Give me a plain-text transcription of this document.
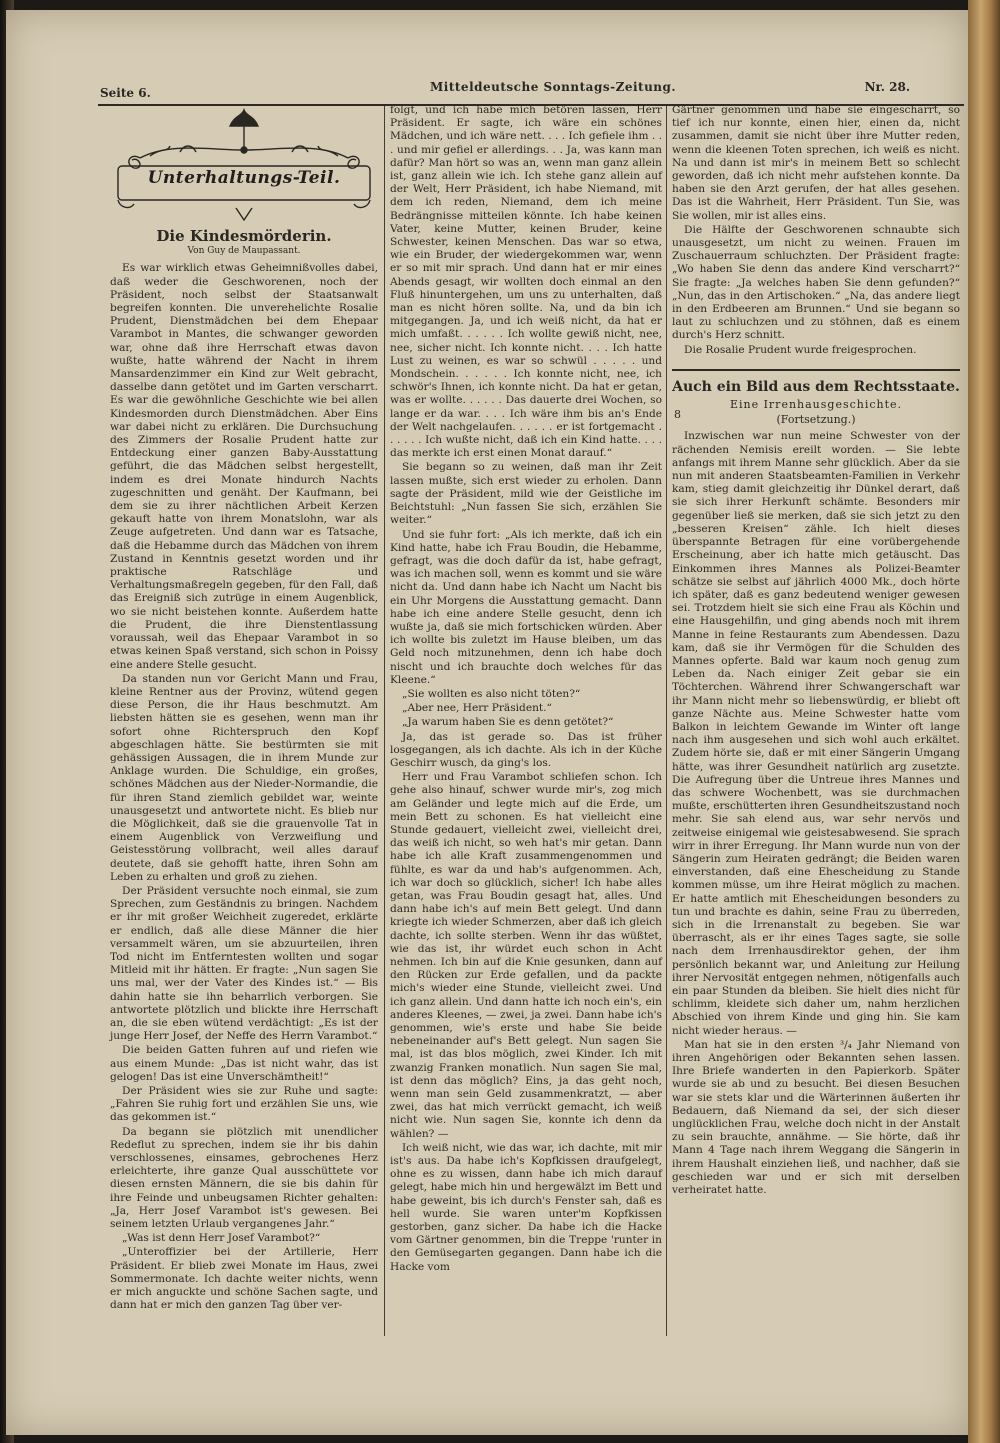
Seite 6.	Mitteldeutsche Sonntags-Zeitung.	Nr. 28.
Unterhaltungs-Teil.
Die Kindesmörderin.
Von Guy de Maupassant.

Es war wirklich etwas Geheimnißvolles dabei, daß weder die Geschworenen, noch der Präsident, noch selbst der Staatsanwalt begreifen konnten. Die unverehelichte Rosalie Prudent, Dienstmädchen bei dem Ehepaar Varambot in Mantes, die schwanger geworden war, ohne daß ihre Herrschaft etwas davon wußte, hatte während der Nacht in ihrem Mansardenzimmer ein Kind zur Welt gebracht, dasselbe dann getötet und im Garten verscharrt. Es war die gewöhnliche Geschichte wie bei allen Kindesmorden durch Dienstmädchen. Aber Eins war dabei nicht zu erklären. Die Durchsuchung des Zimmers der Rosalie Prudent hatte zur Entdeckung einer ganzen Baby-Ausstattung geführt, die das Mädchen selbst hergestellt, indem es drei Monate hindurch Nachts zugeschnitten und genäht. Der Kaufmann, bei dem sie zu ihrer nächtlichen Arbeit Kerzen gekauft hatte von ihrem Monatslohn, war als Zeuge aufgetreten. Und dann war es Tatsache, daß die Hebamme durch das Mädchen von ihrem Zustand in Kenntnis gesetzt worden und ihr praktische Ratschläge und Verhaltungsmaßregeln gegeben, für den Fall, daß das Ereigniß sich zutrüge in einem Augenblick, wo sie nicht beistehen konnte. Außerdem hatte die Prudent, die ihre Dienstentlassung voraussah, weil das Ehepaar Varambot in so etwas keinen Spaß verstand, sich schon in Poissy eine andere Stelle gesucht.

Da standen nun vor Gericht Mann und Frau, kleine Rentner aus der Provinz, wütend gegen diese Person, die ihr Haus beschmutzt. Am liebsten hätten sie es gesehen, wenn man ihr sofort ohne Richterspruch den Kopf abgeschlagen hätte. Sie bestürmten sie mit gehässigen Aussagen, die in ihrem Munde zur Anklage wurden. Die Schuldige, ein großes, schönes Mädchen aus der Nieder-Normandie, die für ihren Stand ziemlich gebildet war, weinte unausgesetzt und antwortete nicht. Es blieb nur die Möglichkeit, daß sie die grauenvolle Tat in einem Augenblick von Verzweiflung und Geistesstörung vollbracht, weil alles darauf deutete, daß sie gehofft hatte, ihren Sohn am Leben zu erhalten und groß zu ziehen.

Der Präsident versuchte noch einmal, sie zum Sprechen, zum Geständnis zu bringen. Nachdem er ihr mit großer Weichheit zugeredet, erklärte er endlich, daß alle diese Männer die hier versammelt wären, um sie abzuurteilen, ihren Tod nicht im Entferntesten wollten und sogar Mitleid mit ihr hätten. Er fragte: „Nun sagen Sie uns mal, wer der Vater des Kindes ist.“ — Bis dahin hatte sie ihn beharrlich verborgen. Sie antwortete plötzlich und blickte ihre Herrschaft an, die sie eben wütend verdächtigt: „Es ist der junge Herr Josef, der Neffe des Herrn Varambot.“

Die beiden Gatten fuhren auf und riefen wie aus einem Munde: „Das ist nicht wahr, das ist gelogen! Das ist eine Unverschämtheit!“

Der Präsident wies sie zur Ruhe und sagte: „Fahren Sie ruhig fort und erzählen Sie uns, wie das gekommen ist.“

Da begann sie plötzlich mit unendlicher Redeflut zu sprechen, indem sie ihr bis dahin verschlossenes, einsames, gebrochenes Herz erleichterte, ihre ganze Qual ausschüttete vor diesen ernsten Männern, die sie bis dahin für ihre Feinde und unbeugsamen Richter gehalten: „Ja, Herr Josef Varambot ist's gewesen. Bei seinem letzten Urlaub vergangenes Jahr.“

„Was ist denn Herr Josef Varambot?“

„Unteroffizier bei der Artillerie, Herr Präsident. Er blieb zwei Monate im Haus, zwei Sommermonate. Ich dachte weiter nichts, wenn er mich anguckte und schöne Sachen sagte, und dann hat er mich den ganzen Tag über ver-

folgt, und ich habe mich betören lassen, Herr Präsident. Er sagte, ich wäre ein schönes Mädchen, und ich wäre nett. . . . Ich gefiele ihm . . . und mir gefiel er allerdings. . . Ja, was kann man dafür? Man hört so was an, wenn man ganz allein ist, ganz allein wie ich. Ich stehe ganz allein auf der Welt, Herr Präsident, ich habe Niemand, mit dem ich reden, Niemand, dem ich meine Bedrängnisse mitteilen könnte. Ich habe keinen Vater, keine Mutter, keinen Bruder, keine Schwester, keinen Menschen. Das war so etwa, wie ein Bruder, der wiedergekommen war, wenn er so mit mir sprach. Und dann hat er mir eines Abends gesagt, wir wollten doch einmal an den Fluß hinuntergehen, um uns zu unterhalten, daß man es nicht hören sollte. Na, und da bin ich mitgegangen. Ja, und ich weiß nicht, da hat er mich umfaßt. . . . . . Ich wollte gewiß nicht, nee, nee, sicher nicht. Ich konnte nicht. . . . Ich hatte Lust zu weinen, es war so schwül . . . . . und Mondschein. . . . . . Ich konnte nicht, nee, ich schwör's Ihnen, ich konnte nicht. Da hat er getan, was er wollte. . . . . . Das dauerte drei Wochen, so lange er da war. . . . Ich wäre ihm bis an's Ende der Welt nachgelaufen. . . . . . er ist fortgemacht . . . . . . Ich wußte nicht, daß ich ein Kind hatte. . . . das merkte ich erst einen Monat darauf.“

Sie begann so zu weinen, daß man ihr Zeit lassen mußte, sich erst wieder zu erholen. Dann sagte der Präsident, mild wie der Geistliche im Beichtstuhl: „Nun fassen Sie sich, erzählen Sie weiter.“

Und sie fuhr fort: „Als ich merkte, daß ich ein Kind hatte, habe ich Frau Boudin, die Hebamme, gefragt, was die doch dafür da ist, habe gefragt, was ich machen soll, wenn es kommt und sie wäre nicht da. Und dann habe ich Nacht um Nacht bis ein Uhr Morgens die Ausstattung gemacht. Dann habe ich eine andere Stelle gesucht, denn ich wußte ja, daß sie mich fortschicken würden. Aber ich wollte bis zuletzt im Hause bleiben, um das Geld noch mitzunehmen, denn ich habe doch nischt und ich brauchte doch welches für das Kleene.“

„Sie wollten es also nicht töten?“

„Aber nee, Herr Präsident.“

„Ja warum haben Sie es denn getötet?“

Ja, das ist gerade so. Das ist früher losgegangen, als ich dachte. Als ich in der Küche Geschirr wusch, da ging's los.

Herr und Frau Varambot schliefen schon. Ich gehe also hinauf, schwer wurde mir's, zog mich am Geländer und legte mich auf die Erde, um mein Bett zu schonen. Es hat vielleicht eine Stunde gedauert, vielleicht zwei, vielleicht drei, das weiß ich nicht, so weh hat's mir getan. Dann habe ich alle Kraft zusammengenommen und fühlte, es war da und hab's aufgenommen. Ach, ich war doch so glücklich, sicher! Ich habe alles getan, was Frau Boudin gesagt hat, alles. Und dann habe ich's auf mein Bett gelegt. Und dann kriegte ich wieder Schmerzen, aber daß ich gleich dachte, ich sollte sterben. Wenn ihr das wüßtet, wie das ist, ihr würdet euch schon in Acht nehmen. Ich bin auf die Knie gesunken, dann auf den Rücken zur Erde gefallen, und da packte mich's wieder eine Stunde, vielleicht zwei. Und ich ganz allein. Und dann hatte ich noch ein's, ein anderes Kleenes, — zwei, ja zwei. Dann habe ich's genommen, wie's erste und habe Sie beide nebeneinander auf's Bett gelegt. Nun sagen Sie mal, ist das blos möglich, zwei Kinder. Ich mit zwanzig Franken monatlich. Nun sagen Sie mal, ist denn das möglich? Eins, ja das geht noch, wenn man sein Geld zusammenkratzt, — aber zwei, das hat mich verrückt gemacht, ich weiß nicht wie. Nun sagen Sie, konnte ich denn da wählen? —

Ich weiß nicht, wie das war, ich dachte, mit mir ist's aus. Da habe ich's Kopfkissen draufgelegt, ohne es zu wissen, dann habe ich mich darauf gelegt, habe mich hin und hergewälzt im Bett und habe geweint, bis ich durch's Fenster sah, daß es hell wurde. Sie waren unter'm Kopfkissen gestorben, ganz sicher. Da habe ich die Hacke vom Gärtner genommen, bin die Treppe 'runter in den Gemüsegarten gegangen. Dann habe ich die Hacke vom

Gärtner genommen und habe sie eingescharrt, so tief ich nur konnte, einen hier, einen da, nicht zusammen, damit sie nicht über ihre Mutter reden, wenn die kleenen Toten sprechen, ich weiß es nicht. Na und dann ist mir's in meinem Bett so schlecht geworden, daß ich nicht mehr aufstehen konnte. Da haben sie den Arzt gerufen, der hat alles gesehen. Das ist die Wahrheit, Herr Präsident. Tun Sie, was Sie wollen, mir ist alles eins.

Die Hälfte der Geschworenen schnaubte sich unausgesetzt, um nicht zu weinen. Frauen im Zuschauerraum schluchzten. Der Präsident fragte: „Wo haben Sie denn das andere Kind verscharrt?“ Sie fragte: „Ja welches haben Sie denn gefunden?“ „Nun, das in den Artischoken.“ „Na, das andere liegt in den Erdbeeren am Brunnen.“ Und sie begann so laut zu schluchzen und zu stöhnen, daß es einem durch's Herz schnitt.

Die Rosalie Prudent wurde freigesprochen.

Auch ein Bild aus dem Rechtsstaate.
8
Eine Irrenhausgeschichte.
(Fortsetzung.)

Inzwischen war nun meine Schwester von der rächenden Nemisis ereilt worden. — Sie lebte anfangs mit ihrem Manne sehr glücklich. Aber da sie nun mit anderen Staatsbeamten-Familien in Verkehr kam, stieg damit gleichzeitig ihr Dünkel derart, daß sie sich ihrer Herkunft schämte. Besonders mir gegenüber ließ sie merken, daß sie sich jetzt zu den „besseren Kreisen“ zähle. Ich hielt dieses überspannte Betragen für eine vorübergehende Erscheinung, aber ich hatte mich getäuscht. Das Einkommen ihres Mannes als Polizei-Beamter schätze sie selbst auf jährlich 4000 Mk., doch hörte ich später, daß es ganz bedeutend weniger gewesen sei. Trotzdem hielt sie sich eine Frau als Köchin und eine Hausgehilfin, und ging abends noch mit ihrem Manne in feine Restaurants zum Abendessen. Dazu kam, daß sie ihr Vermögen für die Schulden des Mannes opferte. Bald war kaum noch genug zum Leben da. Nach einiger Zeit gebar sie ein Töchterchen. Während ihrer Schwangerschaft war ihr Mann nicht mehr so liebenswürdig, er bliebt oft ganze Nächte aus. Meine Schwester hatte vom Balkon in leichtem Gewande im Winter oft lange nach ihm ausgesehen und sich wohl auch erkältet. Zudem hörte sie, daß er mit einer Sängerin Umgang hätte, was ihrer Gesundheit natürlich arg zusetzte. Die Aufregung über die Untreue ihres Mannes und das schwere Wochenbett, was sie durchmachen mußte, erschütterten ihren Gesundheitszustand noch mehr. Sie sah elend aus, war sehr nervös und zeitweise einigemal wie geistesabwesend. Sie sprach wirr in ihrer Erregung. Ihr Mann wurde nun von der Sängerin zum Heiraten gedrängt; die Beiden waren einverstanden, daß eine Ehescheidung zu Stande kommen müsse, um ihre Heirat möglich zu machen. Er hatte amtlich mit Ehescheidungen besonders zu tun und brachte es dahin, seine Frau zu überreden, sich in die Irrenanstalt zu begeben. Sie war überrascht, als er ihr eines Tages sagte, sie solle nach dem Irrenhausdirektor gehen, der ihm persönlich bekannt war, und Anleitung zur Heilung ihrer Nervosität entgegen nehmen, nötigenfalls auch ein paar Stunden da bleiben. Sie hielt dies nicht für schlimm, kleidete sich daher um, nahm herzlichen Abschied von ihrem Kinde und ging hin. Sie kam nicht wieder heraus. —

Man hat sie in den ersten ³/₄ Jahr Niemand von ihren Angehörigen oder Bekannten sehen lassen. Ihre Briefe wanderten in den Papierkorb. Später wurde sie ab und zu besucht. Bei diesen Besuchen war sie stets klar und die Wärterinnen äußerten ihr Bedauern, daß Niemand da sei, der sich dieser unglücklichen Frau, welche doch nicht in der Anstalt zu sein brauchte, annähme. — Sie hörte, daß ihr Mann 4 Tage nach ihrem Weggang die Sängerin in ihrem Haushalt einziehen ließ, und nachher, daß sie geschieden war und er sich mit derselben verheiratet hatte.
